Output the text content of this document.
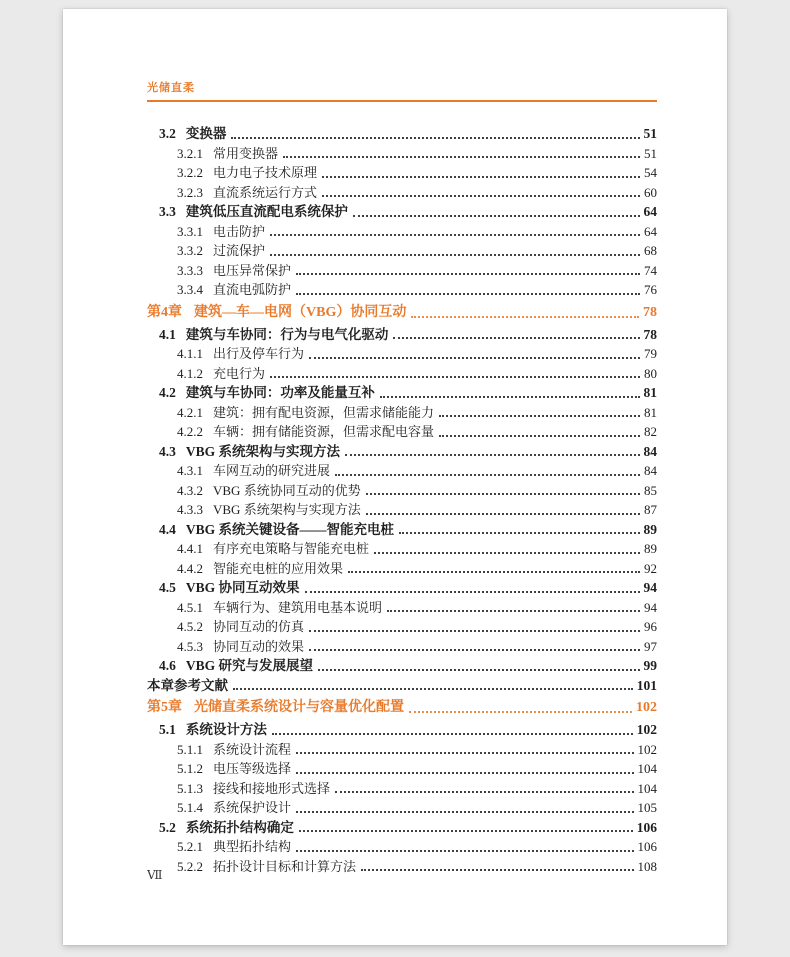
光储直柔
3.2 变换器	51
3.2.1 常用变换器	51
3.2.2 电力电子技术原理	54
3.2.3 直流系统运行方式	60
3.3 建筑低压直流配电系统保护	64
3.3.1 电击防护	64
3.3.2 过流保护	68
3.3.3 电压异常保护	74
3.3.4 直流电弧防护	76
第4章 建筑—车—电网（VBG）协同互动	78
4.1 建筑与车协同：行为与电气化驱动	78
4.1.1 出行及停车行为	79
4.1.2 充电行为	80
4.2 建筑与车协同：功率及能量互补	81
4.2.1 建筑：拥有配电资源，但需求储能能力	81
4.2.2 车辆：拥有储能资源，但需求配电容量	82
4.3 VBG 系统架构与实现方法	84
4.3.1 车网互动的研究进展	84
4.3.2 VBG 系统协同互动的优势	85
4.3.3 VBG 系统架构与实现方法	87
4.4 VBG 系统关键设备——智能充电桩	89
4.4.1 有序充电策略与智能充电桩	89
4.4.2 智能充电桩的应用效果	92
4.5 VBG 协同互动效果	94
4.5.1 车辆行为、建筑用电基本说明	94
4.5.2 协同互动的仿真	96
4.5.3 协同互动的效果	97
4.6 VBG 研究与发展展望	99
本章参考文献	101
第5章 光储直柔系统设计与容量优化配置	102
5.1 系统设计方法	102
5.1.1 系统设计流程	102
5.1.2 电压等级选择	104
5.1.3 接线和接地形式选择	104
5.1.4 系统保护设计	105
5.2 系统拓扑结构确定	106
5.2.1 典型拓扑结构	106
5.2.2 拓扑设计目标和计算方法	108
Ⅶ
